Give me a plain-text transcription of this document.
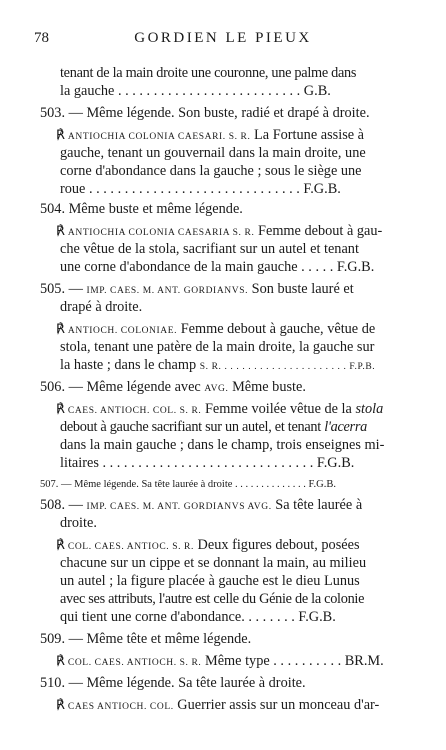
78	GORDIEN LE PIEUX
tenant de la main droite une couronne, une palme dans
la gauche . . . . . . . . . . . . . . . . . . . . . . . . . . G.B.
503. — Même légende. Son buste, radié et drapé à droite.
℟ ANTIOCHIA COLONIA CAESARI. S. R. La Fortune assise à
gauche, tenant un gouvernail dans la main droite, une
corne d'abondance dans la gauche ; sous le siège une
roue . . . . . . . . . . . . . . . . . . . . . . . . . . . . . . F.G.B.
504. Même buste et même légende.
℟ ANTIOCHIA COLONIA CAESARIA S. R. Femme debout à gau-
che vêtue de la stola, sacrifiant sur un autel et tenant
une corne d'abondance de la main gauche . . . . . F.G.B.
505. — IMP. CAES. M. ANT. GORDIANVS. Son buste lauré et
drapé à droite.
℟ ANTIOCH. COLONIAE. Femme debout à gauche, vêtue de
stola, tenant une patère de la main droite, la gauche sur
la haste ; dans le champ S. R. . . . . . . . . . . . . . . . . . . . . . F.P.B.
506. — Même légende avec AVG. Même buste.
℟ CAES. ANTIOCH. COL. S. R. Femme voilée vêtue de la stola
debout à gauche sacrifiant sur un autel, et tenant l'acerra
dans la main gauche ; dans le champ, trois enseignes mi-
litaires . . . . . . . . . . . . . . . . . . . . . . . . . . . . . . F.G.B.
507. — Même légende. Sa tête laurée à droite . . . . . . . . . . . . . . F.G.B.
508. — IMP. CAES. M. ANT. GORDIANVS AVG. Sa tête laurée à
droite.
℟ COL. CAES. ANTIOC. S. R. Deux figures debout, posées
chacune sur un cippe et se donnant la main, au milieu
un autel ; la figure placée à gauche est le dieu Lunus
avec ses attributs, l'autre est celle du Génie de la colonie
qui tient une corne d'abondance. . . . . . . . F.G.B.
509. — Même tête et même légende.
℟ COL. CAES. ANTIOCH. S. R. Même type . . . . . . . . . . BR.M.
510. — Même légende. Sa tête laurée à droite.
℟ CAES ANTIOCH. COL. Guerrier assis sur un monceau d'ar-
